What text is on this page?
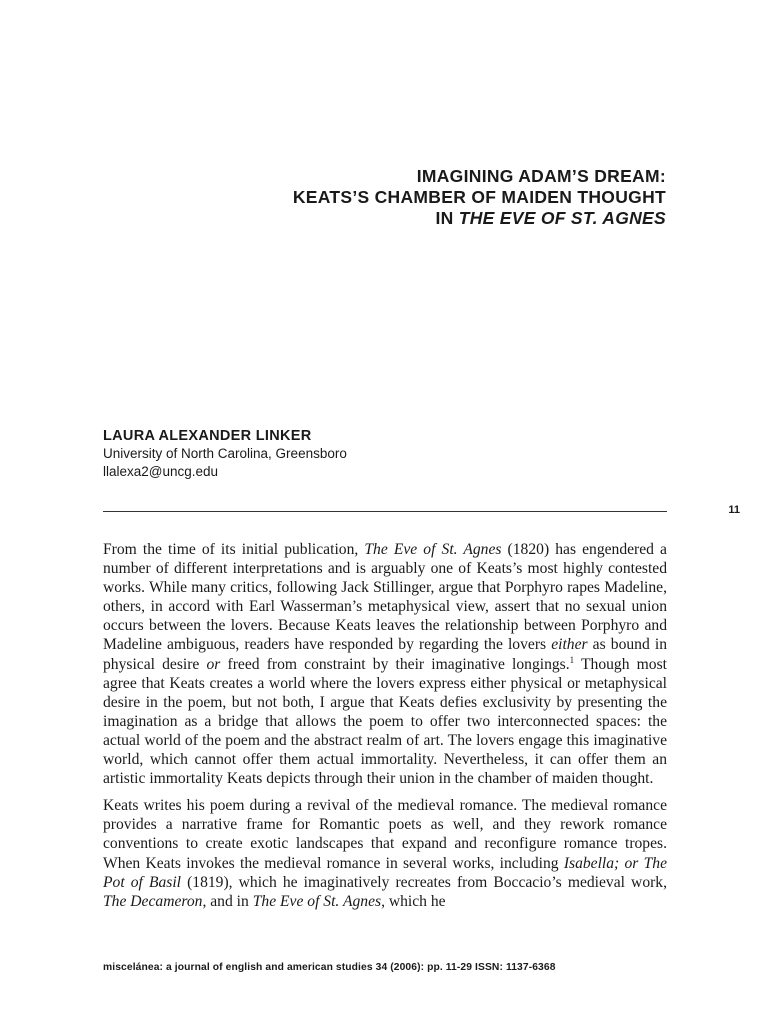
IMAGINING ADAM’S DREAM:
KEATS’S CHAMBER OF MAIDEN THOUGHT
IN THE EVE OF ST. AGNES
LAURA ALEXANDER LINKER
University of North Carolina, Greensboro
llalexa2@uncg.edu
11

From the time of its initial publication, The Eve of St. Agnes (1820) has engendered a number of different interpretations and is arguably one of Keats’s most highly contested works. While many critics, following Jack Stillinger, argue that Porphyro rapes Madeline, others, in accord with Earl Wasserman’s metaphysical view, assert that no sexual union occurs between the lovers. Because Keats leaves the relationship between Porphyro and Madeline ambiguous, readers have responded by regarding the lovers either as bound in physical desire or freed from constraint by their imaginative longings.$^1$ Though most agree that Keats creates a world where the lovers express either physical or metaphysical desire in the poem, but not both, I argue that Keats defies exclusivity by presenting the imagination as a bridge that allows the poem to offer two interconnected spaces: the actual world of the poem and the abstract realm of art. The lovers engage this imaginative world, which cannot offer them actual immortality. Nevertheless, it can offer them an artistic immortality Keats depicts through their union in the chamber of maiden thought.

Keats writes his poem during a revival of the medieval romance. The medieval romance provides a narrative frame for Romantic poets as well, and they rework romance conventions to create exotic landscapes that expand and reconfigure romance tropes. When Keats invokes the medieval romance in several works, including Isabella; or The Pot of Basil (1819), which he imaginatively recreates from Boccacio’s medieval work, The Decameron, and in The Eve of St. Agnes, which he

miscelánea: a journal of english and american studies 34 (2006): pp. 11-29 ISSN: 1137-6368
